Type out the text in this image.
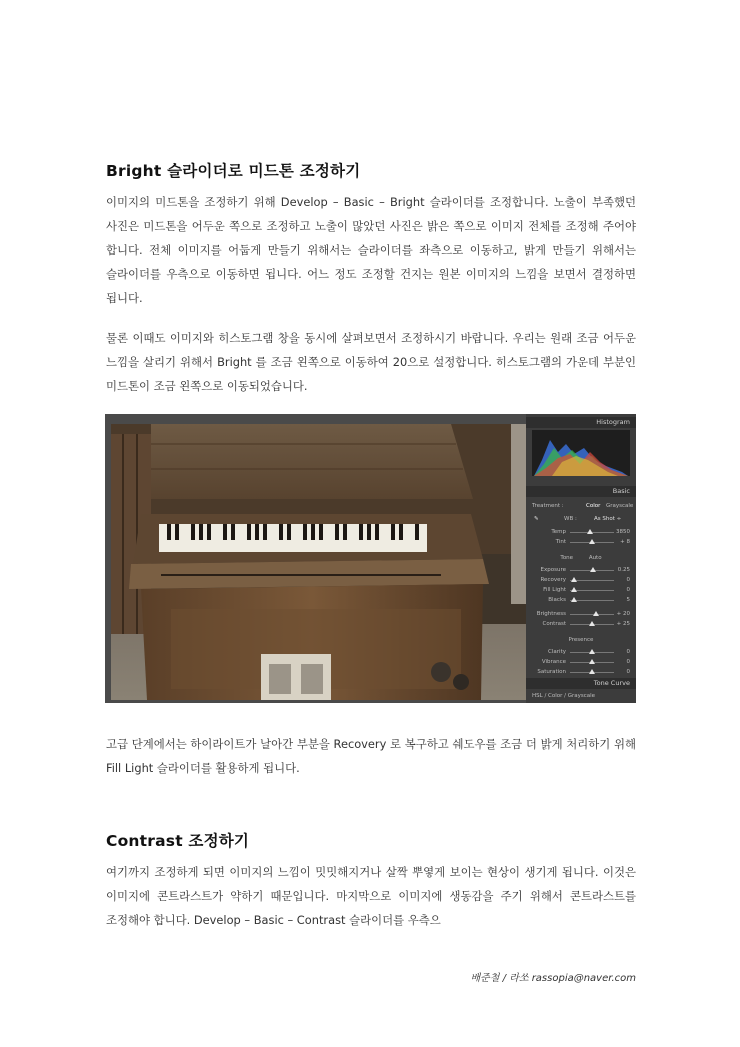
Bright 슬라이더로 미드톤 조정하기
이미지의 미드톤을 조정하기 위해 Develop – Basic – Bright 슬라이더를 조정합니다. 노출이 부족했던 사진은 미드톤을 어두운 쪽으로 조정하고 노출이 많았던 사진은 밝은 쪽으로 이미지 전체를 조정해 주어야 합니다. 전체 이미지를 어둡게 만들기 위해서는 슬라이더를 좌측으로 이동하고, 밝게 만들기 위해서는 슬라이더를 우측으로 이동하면 됩니다. 어느 정도 조정할 건지는 원본 이미지의 느낌을 보면서 결정하면 됩니다.
물론 이때도 이미지와 히스토그램 창을 동시에 살펴보면서 조정하시기 바랍니다. 우리는 원래 조금 어두운 느낌을 살리기 위해서 Bright 를 조금 왼쪽으로 이동하여 20으로 설정합니다. 히스토그램의 가운데 부분인 미드톤이 조금 왼쪽으로 이동되었습니다.
Histogram
Basic
Treatment :	Color Grayscale
✎	WB :	As Shot ÷
Tone	Auto
Presence
Tone Curve
HSL / Color / Grayscale
Temp	3850
Tint	+ 8
Exposure	0.25
Recovery	0
Fill Light	0
Blacks	5
Brightness	+ 20
Contrast	+ 25
Clarity	0
Vibrance	0
Saturation	0
고급 단계에서는 하이라이트가 날아간 부분을 Recovery 로 복구하고 쉐도우를 조금 더 밝게 처리하기 위해 Fill Light 슬라이더를 활용하게 됩니다.
Contrast 조정하기
여기까지 조정하게 되면 이미지의 느낌이 밋밋해지거나 살짝 뿌옇게 보이는 현상이 생기게 됩니다. 이것은 이미지에 콘트라스트가 약하기 때문입니다. 마지막으로 이미지에 생동감을 주기 위해서 콘트라스트를 조정해야 합니다. Develop – Basic – Contrast 슬라이더를 우측으
배준철 / 라쏘 rassopia@naver.com
